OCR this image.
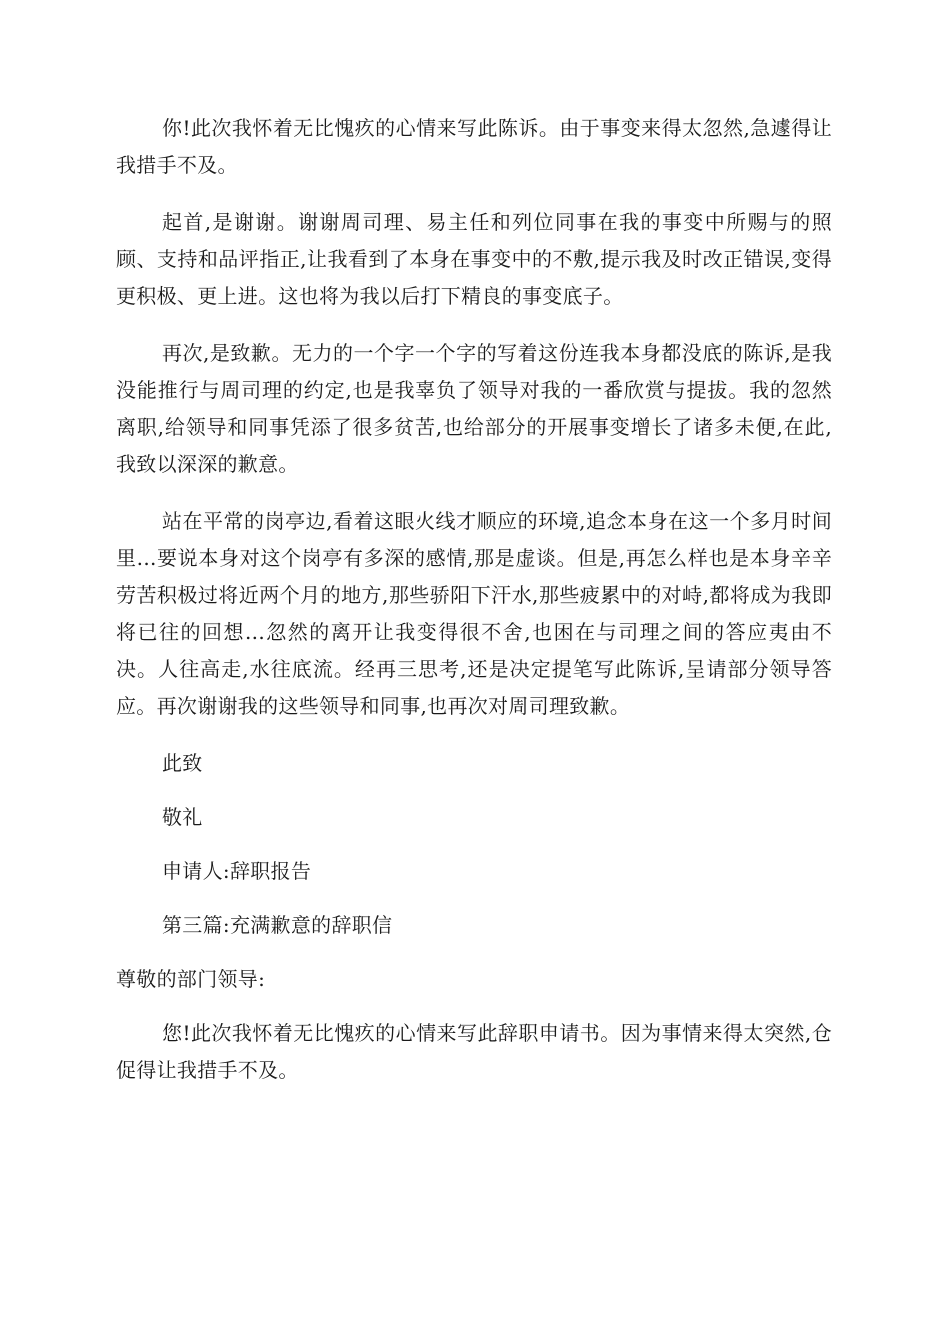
你!此次我怀着无比愧疚的心情来写此陈诉。由于事变来得太忽然,急遽得让我措手不及。

起首,是谢谢。谢谢周司理、易主任和列位同事在我的事变中所赐与的照顾、支持和品评指正,让我看到了本身在事变中的不敷,提示我及时改正错误,变得更积极、更上进。这也将为我以后打下精良的事变底子。

再次,是致歉。无力的一个字一个字的写着这份连我本身都没底的陈诉,是我没能推行与周司理的约定,也是我辜负了领导对我的一番欣赏与提拔。我的忽然离职,给领导和同事凭添了很多贫苦,也给部分的开展事变增长了诸多未便,在此,我致以深深的歉意。

站在平常的岗亭边,看着这眼火线才顺应的环境,追念本身在这一个多月时间里...要说本身对这个岗亭有多深的感情,那是虚谈。但是,再怎么样也是本身辛辛劳苦积极过将近两个月的地方,那些骄阳下汗水,那些疲累中的对峙,都将成为我即将已往的回想...忽然的离开让我变得很不舍,也困在与司理之间的答应夷由不决。人往高走,水往底流。经再三思考,还是决定提笔写此陈诉,呈请部分领导答应。再次谢谢我的这些领导和同事,也再次对周司理致歉。

此致

敬礼

申请人:辞职报告

第三篇:充满歉意的辞职信

尊敬的部门领导:

您!此次我怀着无比愧疚的心情来写此辞职申请书。因为事情来得太突然,仓促得让我措手不及。
